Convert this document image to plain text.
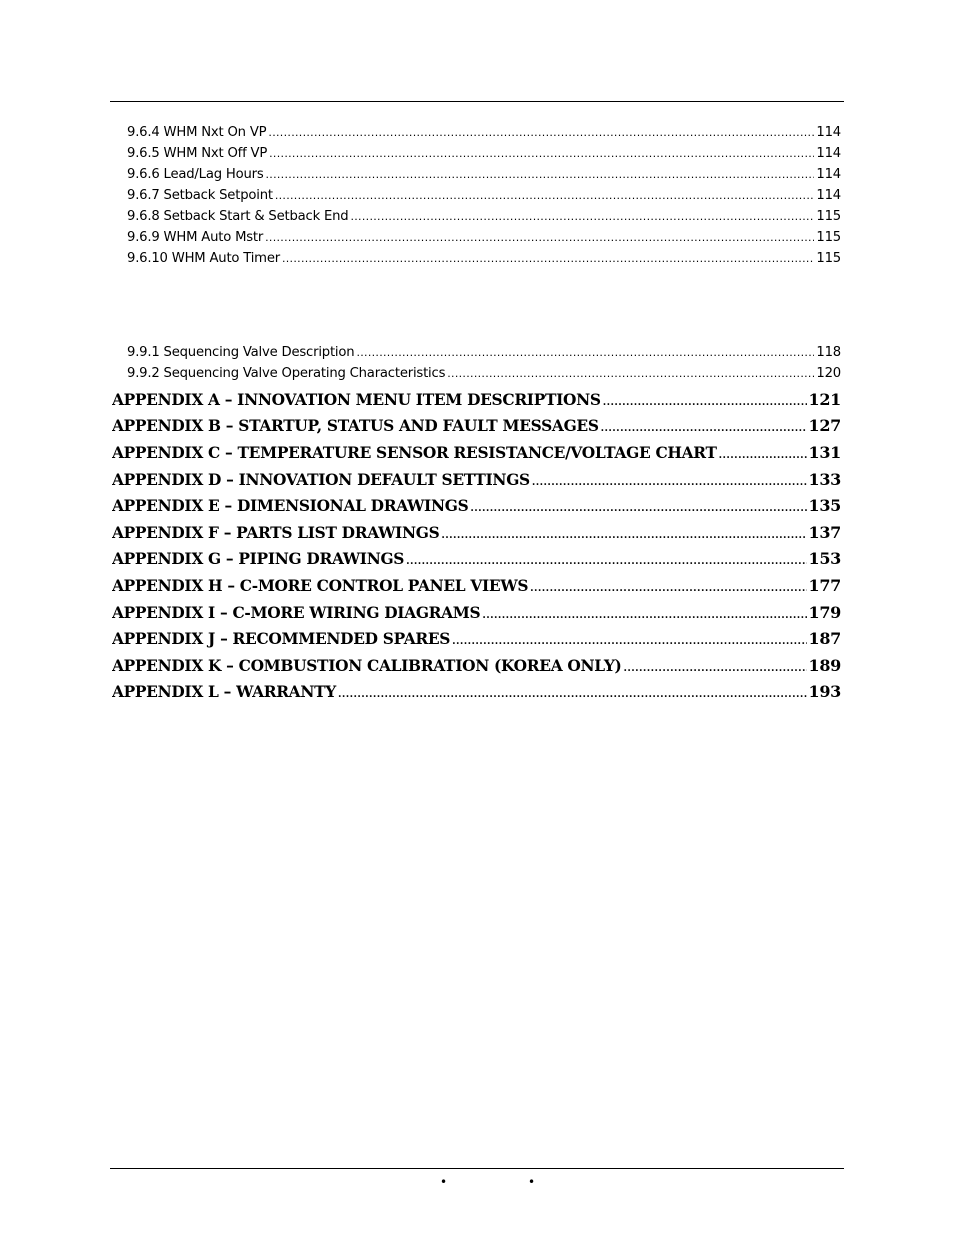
9.6.4 WHM Nxt On VP .....	114
9.6.5 WHM Nxt Off VP .....	114
9.6.6 Lead/Lag Hours .....	114
9.6.7 Setback Setpoint .....	114
9.6.8 Setback Start & Setback End .....	115
9.6.9 WHM Auto Mstr .....	115
9.6.10 WHM Auto Timer .....	115
9.9.1 Sequencing Valve Description .....	118
9.9.2 Sequencing Valve Operating Characteristics .....	120
APPENDIX A – INNOVATION MENU ITEM DESCRIPTIONS .....	121
APPENDIX B – STARTUP, STATUS AND FAULT MESSAGES .....	127
APPENDIX C – TEMPERATURE SENSOR RESISTANCE/VOLTAGE CHART .....	131
APPENDIX D – INNOVATION DEFAULT SETTINGS .....	133
APPENDIX E – DIMENSIONAL DRAWINGS .....	135
APPENDIX F – PARTS LIST DRAWINGS .....	137
APPENDIX G – PIPING DRAWINGS .....	153
APPENDIX H – C-MORE CONTROL PANEL VIEWS .....	177
APPENDIX I – C-MORE WIRING DIAGRAMS .....	179
APPENDIX J – RECOMMENDED SPARES .....	187
APPENDIX K – COMBUSTION CALIBRATION (KOREA ONLY) .....	189
APPENDIX L – WARRANTY .....	193
•	•
